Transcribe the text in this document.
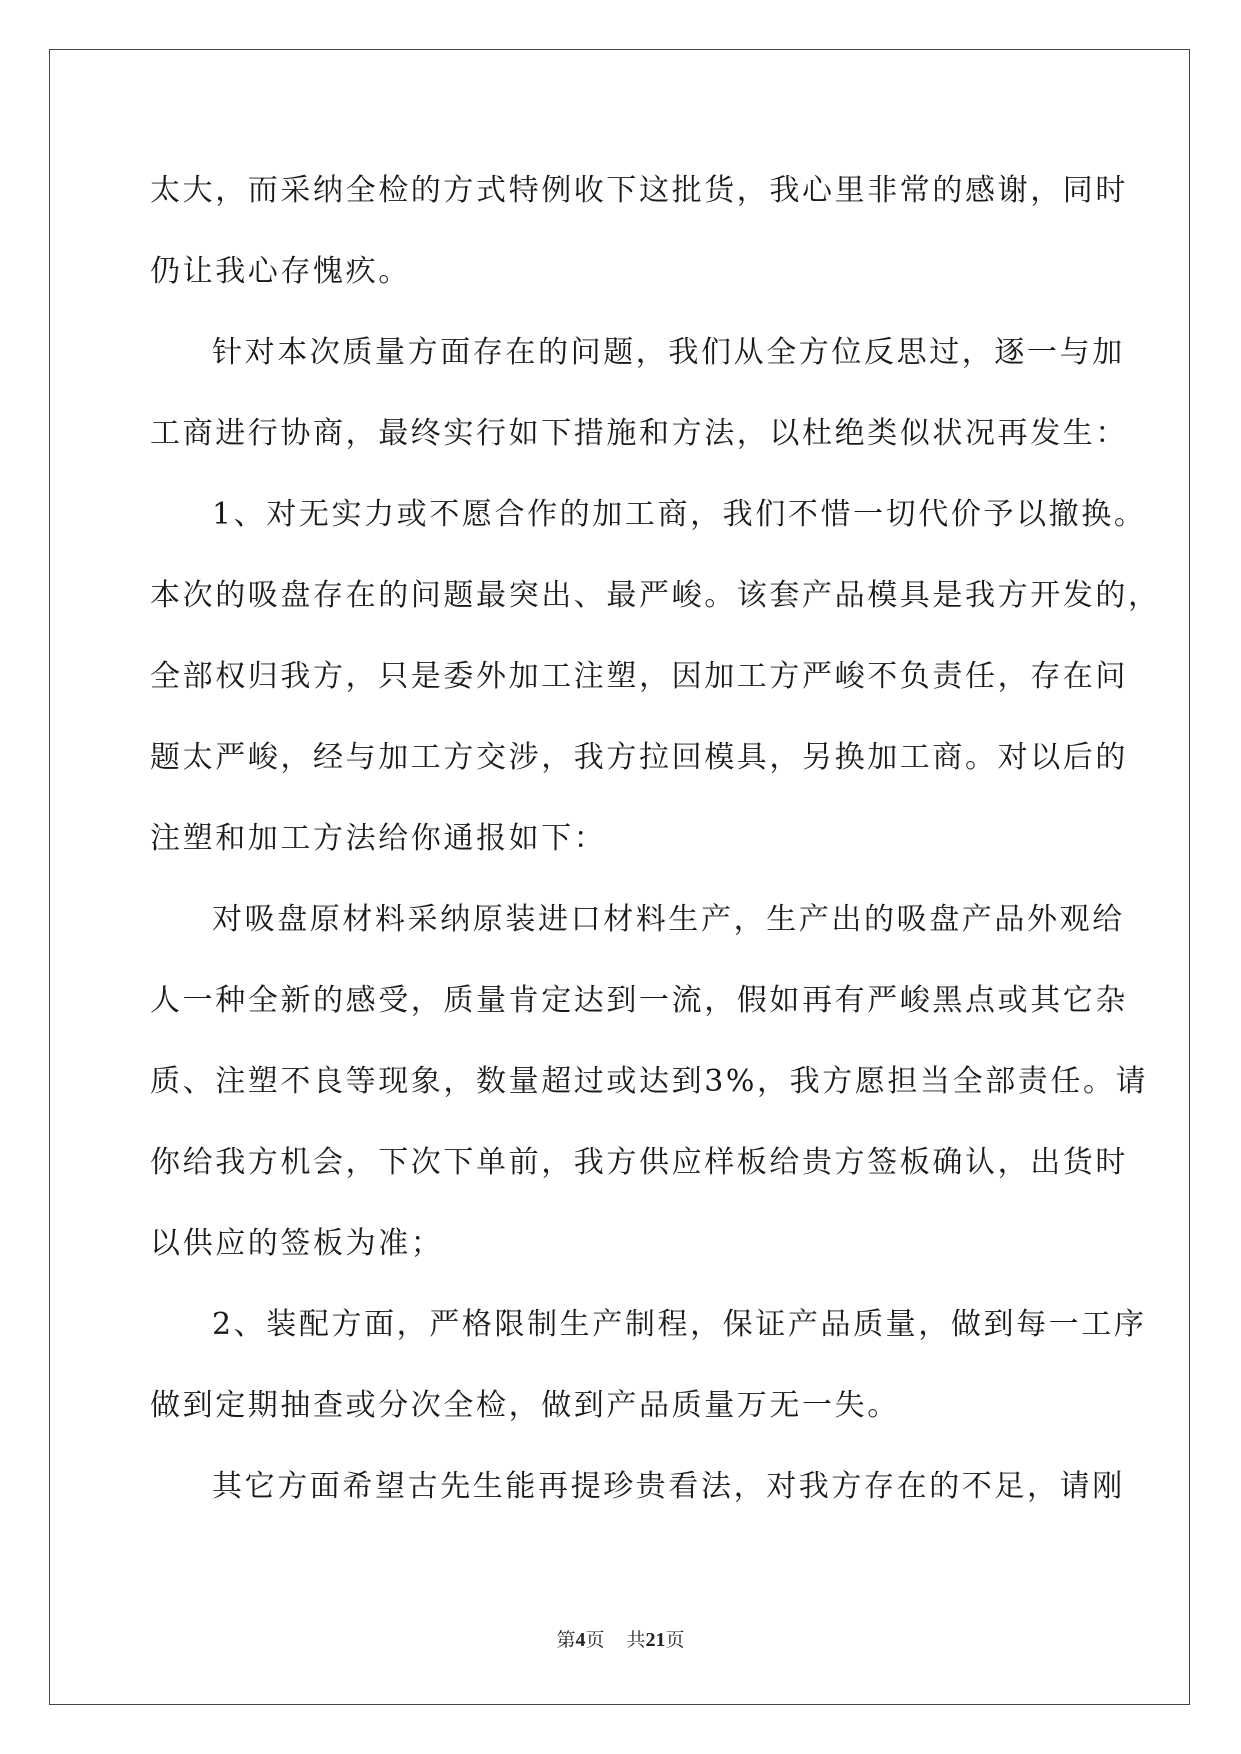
太大，而采纳全检的方式特例收下这批货，我心里非常的感谢，同时
仍让我心存愧疚。
针对本次质量方面存在的问题，我们从全方位反思过，逐一与加
工商进行协商，最终实行如下措施和方法，以杜绝类似状况再发生：
1、对无实力或不愿合作的加工商，我们不惜一切代价予以撤换。
本次的吸盘存在的问题最突出、最严峻。该套产品模具是我方开发的，
全部权归我方，只是委外加工注塑，因加工方严峻不负责任，存在问
题太严峻，经与加工方交涉，我方拉回模具，另换加工商。对以后的
注塑和加工方法给你通报如下：
对吸盘原材料采纳原装进口材料生产，生产出的吸盘产品外观给
人一种全新的感受，质量肯定达到一流，假如再有严峻黑点或其它杂
质、注塑不良等现象，数量超过或达到3%，我方愿担当全部责任。请
你给我方机会，下次下单前，我方供应样板给贵方签板确认，出货时
以供应的签板为准；
2、装配方面，严格限制生产制程，保证产品质量，做到每一工序
做到定期抽查或分次全检，做到产品质量万无一失。
其它方面希望古先生能再提珍贵看法，对我方存在的不足，请刚
第4页 共21页
